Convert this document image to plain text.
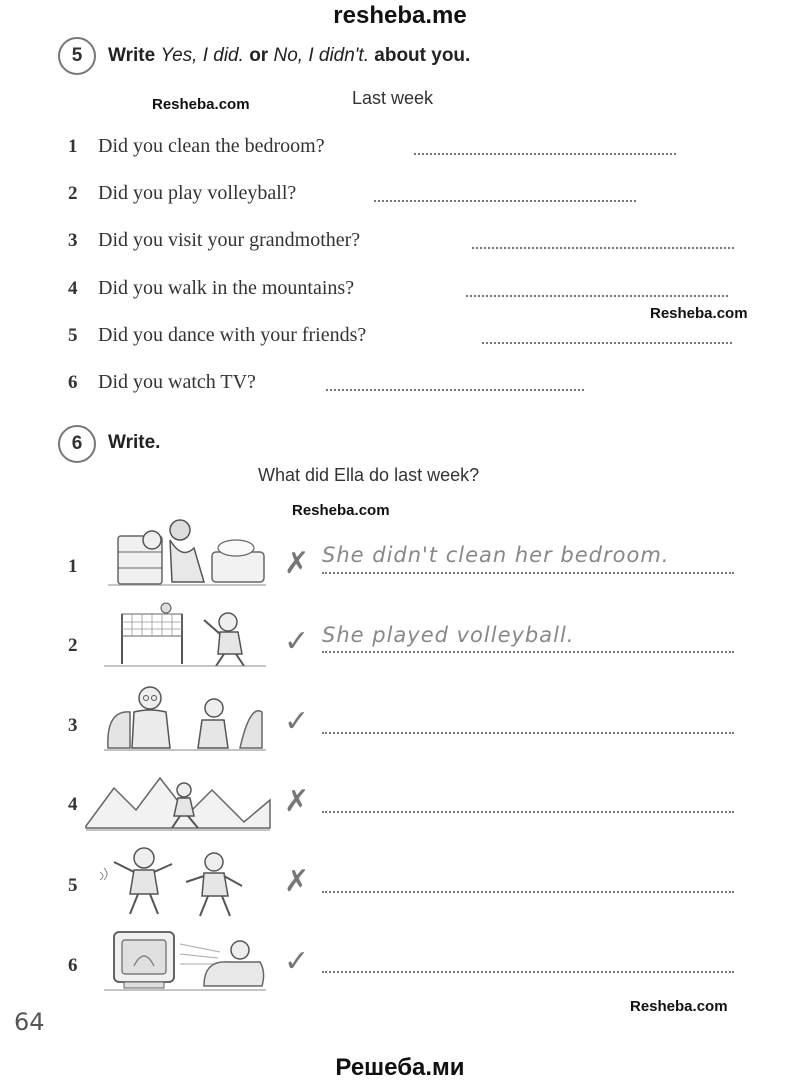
resheba.me
Решеба.ми
Resheba.com
Resheba.com
Resheba.com
Resheba.com
5	Write Yes, I did. or No, I didn't. about you.
Last week
1 Did you clean the bedroom?
2 Did you play volleyball?
3 Did you visit your grandmother?
4 Did you walk in the mountains?
5 Did you dance with your friends?
6 Did you watch TV?
6	Write.
What did Ella do last week?
1	✗ She didn't clean her bedroom.
2	✓ She played volleyball.
3	✓
4	✗
5	✗
6	✓
64
